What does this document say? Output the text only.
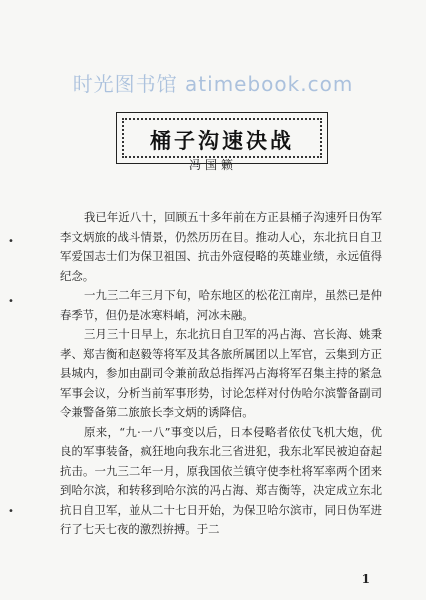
时光图书馆 atimebook.com
桶子沟速决战
冯国籁
•
•
•

我已年近八十，回顾五十多年前在方正县桶子沟速歼日伪军李文炳旅的战斗情景，仍然历历在目。推动人心，东北抗日自卫军爱国志士们为保卫祖国、抗击外寇侵略的英雄业绩，永远值得纪念。

一九三二年三月下旬，哈东地区的松花江南岸，虽然已是仲春季节，但仍是冰寒料峭，河冰未融。

三月三十日早上，东北抗日自卫军的冯占海、宫长海、姚秉孝、郑吉衡和赵毅等将军及其各旅所属团以上军官，云集到方正县城内，参加由副司令兼前敌总指挥冯占海将军召集主持的紧急军事会议，分析当前军事形势，讨论怎样对付伪哈尔滨警备副司令兼警备第二旅旅长李文炳的诱降信。

原来，“九·一八”事变以后，日本侵略者依仗飞机大炮，优良的军事装备，疯狂地向我东北三省进犯，我东北军民被迫奋起抗击。一九三二年一月，原我国依兰镇守使李杜将军率两个团来到哈尔滨，和转移到哈尔滨的冯占海、郑吉衡等，决定成立东北抗日自卫军，並从二十七日开始，为保卫哈尔滨市，同日伪军进行了七天七夜的激烈拚搏。于二

1
